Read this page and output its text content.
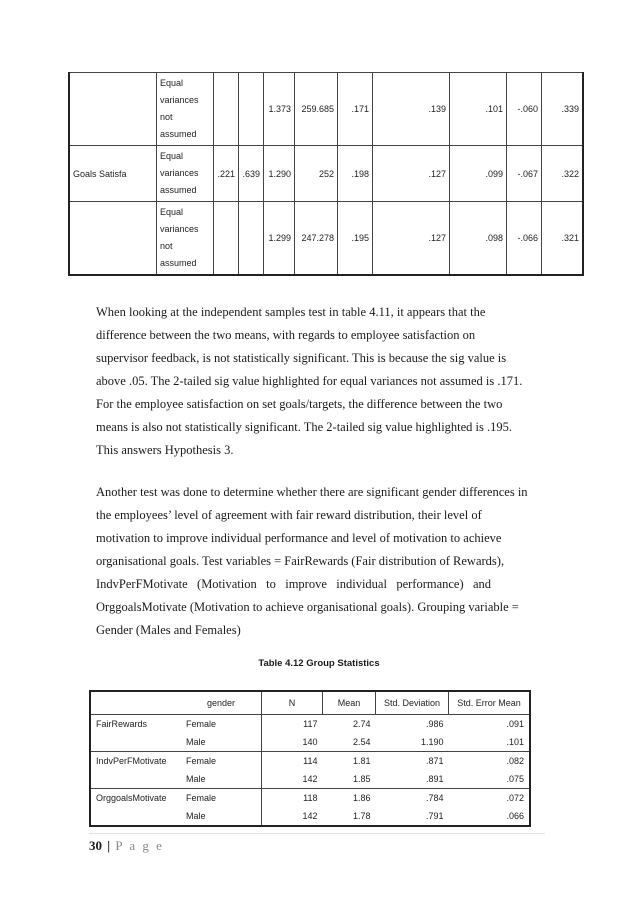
	Equal
variances
not
assumed			1.373	259.685	.171	.139	.101	-.060	.339
Goals Satisfa	Equal
variances
assumed	.221	.639	1.290	252	.198	.127	.099	-.067	.322
	Equal
variances
not
assumed			1.299	247.278	.195	.127	.098	-.066	.321
When looking at the independent samples test in table 4.11, it appears that the
difference between the two means, with regards to employee satisfaction on
supervisor feedback, is not statistically significant. This is because the sig value is
above .05. The 2-tailed sig value highlighted for equal variances not assumed is .171.
For the employee satisfaction on set goals/targets, the difference between the two
means is also not statistically significant. The 2-tailed sig value highlighted is .195.
This answers Hypothesis 3.
Another test was done to determine whether there are significant gender differences in
the employees’ level of agreement with fair reward distribution, their level of
motivation to improve individual performance and level of motivation to achieve
organisational goals. Test variables = FairRewards (Fair distribution of Rewards),
IndvPerFMotivate   (Motivation   to   improve   individual   performance)   and
OrggoalsMotivate (Motivation to achieve organisational goals). Grouping variable =
Gender (Males and Females)
Table 4.12 Group Statistics
	gender	N	Mean	Std. Deviation	Std. Error Mean
FairRewards	Female	117	2.74	.986	.091
	Male	140	2.54	1.190	.101
IndvPerFMotivate	Female	114	1.81	.871	.082
	Male	142	1.85	.891	.075
OrggoalsMotivate	Female	118	1.86	.784	.072
	Male	142	1.78	.791	.066
30 | P a g e
